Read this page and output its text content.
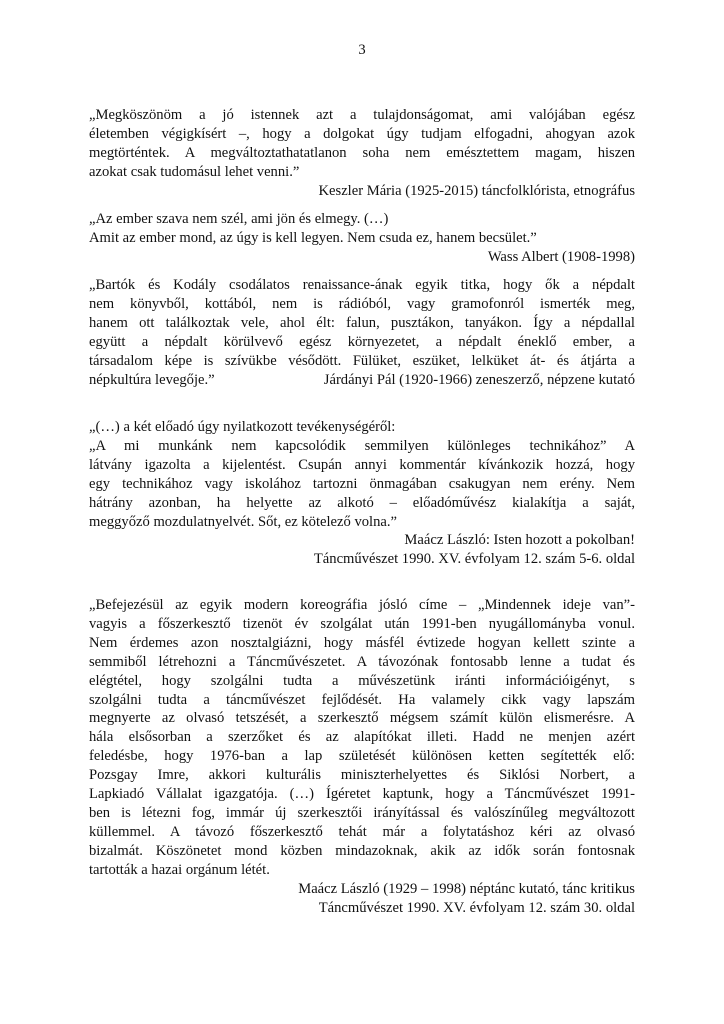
3
„Megköszönöm a jó istennek azt a tulajdonságomat, ami valójában egész
életemben végigkísért –, hogy a dolgokat úgy tudjam elfogadni, ahogyan azok
megtörténtek. A megváltoztathatatlanon soha nem emésztettem magam, hiszen
azokat csak tudomásul lehet venni.”
Keszler Mária (1925-2015) táncfolklórista, etnográfus
„Az ember szava nem szél, ami jön és elmegy. (…)
Amit az ember mond, az úgy is kell legyen. Nem csuda ez, hanem becsület.”
Wass Albert (1908-1998)
„Bartók és Kodály csodálatos renaissance-ának egyik titka, hogy ők a népdalt
nem könyvből, kottából, nem is rádióból, vagy gramofonról ismerték meg,
hanem ott találkoztak vele, ahol élt: falun, pusztákon, tanyákon. Így a népdallal
együtt a népdalt körülvevő egész környezetet, a népdalt éneklő ember, a
társadalom képe is szívükbe vésődött. Fülüket, eszüket, lelküket át- és átjárta a
népkultúra levegője.”	Járdányi Pál (1920-1966) zeneszerző, népzene kutató
„(…) a két előadó úgy nyilatkozott tevékenységéről:
„A mi munkánk nem kapcsolódik semmilyen különleges technikához” A
látvány igazolta a kijelentést. Csupán annyi kommentár kívánkozik hozzá, hogy
egy technikához vagy iskolához tartozni önmagában csakugyan nem erény. Nem
hátrány azonban, ha helyette az alkotó – előadóművész kialakítja a saját,
meggyőző mozdulatnyelvét. Sőt, ez kötelező volna.”
Maácz László: Isten hozott a pokolban!
Táncművészet 1990. XV. évfolyam 12. szám 5-6. oldal
„Befejezésül az egyik modern koreográfia jósló címe – „Mindennek ideje van”-
vagyis a főszerkesztő tizenöt év szolgálat után 1991-ben nyugállományba vonul.
Nem érdemes azon nosztalgiázni, hogy másfél évtizede hogyan kellett szinte a
semmiből létrehozni a Táncművészetet. A távozónak fontosabb lenne a tudat és
elégtétel, hogy szolgálni tudta a művészetünk iránti információigényt, s
szolgálni tudta a táncművészet fejlődését. Ha valamely cikk vagy lapszám
megnyerte az olvasó tetszését, a szerkesztő mégsem számít külön elismerésre. A
hála elsősorban a szerzőket és az alapítókat illeti. Hadd ne menjen azért
feledésbe, hogy 1976-ban a lap születését különösen ketten segítették elő:
Pozsgay Imre, akkori kulturális miniszterhelyettes és Siklósi Norbert, a
Lapkiadó Vállalat igazgatója. (…) Ígéretet kaptunk, hogy a Táncművészet 1991-
ben is létezni fog, immár új szerkesztői irányítással és valószínűleg megváltozott
küllemmel. A távozó főszerkesztő tehát már a folytatáshoz kéri az olvasó
bizalmát. Köszönetet mond közben mindazoknak, akik az idők során fontosnak
tartották a hazai orgánum létét.
Maácz László (1929 – 1998) néptánc kutató, tánc kritikus
Táncművészet 1990. XV. évfolyam 12. szám 30. oldal
